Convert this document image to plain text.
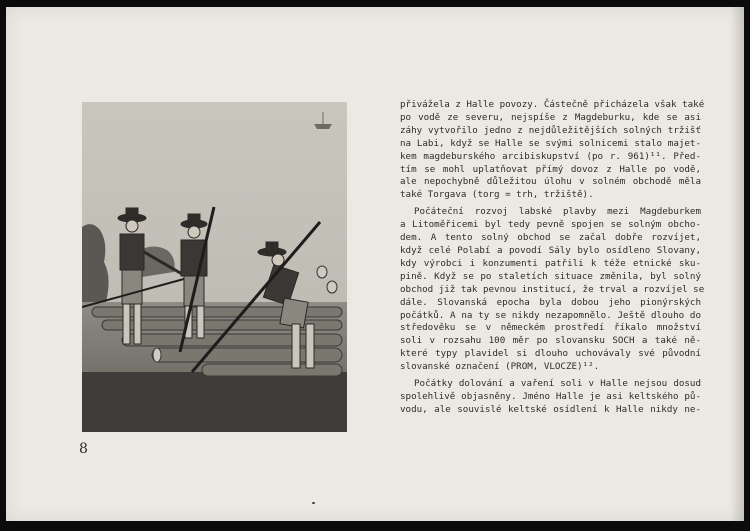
8

přivážela z Halle povozy. Částečně přicházela však také
po vodě ze severu, nejspíše z Magdeburku, kde se asi
záhy vytvořilo jedno z nejdůležitějších solných tržišť
na Labi, když se Halle se svými solnicemi stalo majet-
kem magdeburského arcibiskupství (po r. 961)¹¹. Před-
tím se mohl uplatňovat přímý dovoz z Halle po vodě,
ale nepochybně důležitou úlohu v solném obchodě měla
také Torgava (torg = trh, tržiště).

Počáteční rozvoj labské plavby mezi Magdeburkem
a Litoměřicemi byl tedy pevně spojen se solným obcho-
dem. A tento solný obchod se začal dobře rozvíjet,
když celé Polabí a povodí Sály bylo osídleno Slovany,
kdy výrobci i konzumenti patřili k téže etnické sku-
pině. Když se po staletích situace změnila, byl solný
obchod již tak pevnou institucí, že trval a rozvíjel se
dále. Slovanská epocha byla dobou jeho pionýrských
počátků. A na ty se nikdy nezapomnělo. Ještě dlouho do
středověku se v německém prostředí říkalo množství
soli v rozsahu 100 měr po slovansku SOCH a také ně-
které typy plavidel si dlouho uchovávaly své původní
slovanské označení (PROM, VLOCZE)¹².

Počátky dolování a vaření soli v Halle nejsou dosud
spolehlivě objasněny. Jméno Halle je asi keltského pů-
vodu, ale souvislé keltské osídlení k Halle nikdy ne-
